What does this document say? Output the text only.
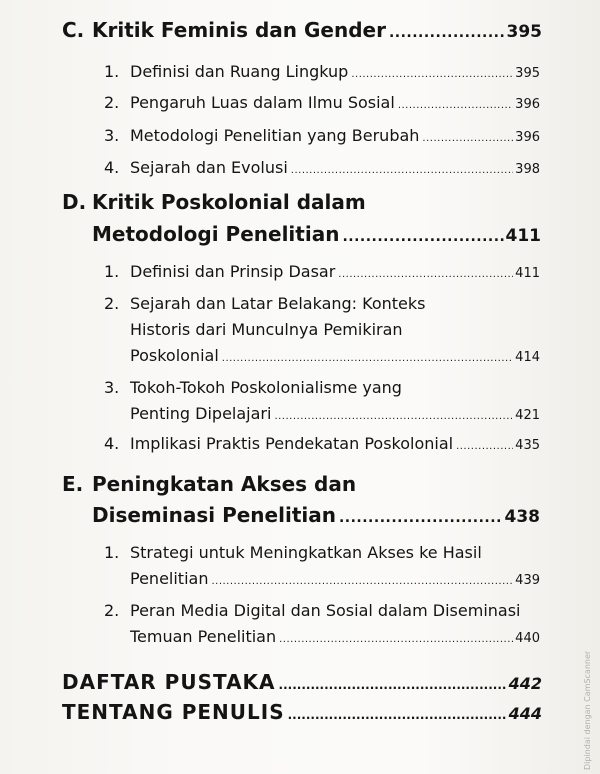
C. Kritik Feminis dan Gender .....	395
1. Definisi dan Ruang Lingkup .....	395
2. Pengaruh Luas dalam Ilmu Sosial .....	396
3. Metodologi Penelitian yang Berubah .....	396
4. Sejarah dan Evolusi .....	398
D. Kritik Poskolonial dalam
Metodologi Penelitian .....	411
1. Definisi dan Prinsip Dasar .....	411
2. Sejarah dan Latar Belakang: Konteks
Historis dari Munculnya Pemikiran
Poskolonial .....	414
3. Tokoh-Tokoh Poskolonialisme yang
Penting Dipelajari .....	421
4. Implikasi Praktis Pendekatan Poskolonial .....	435
E. Peningkatan Akses dan
Diseminasi Penelitian .....	438
1. Strategi untuk Meningkatkan Akses ke Hasil
Penelitian .....	439
2. Peran Media Digital dan Sosial dalam Diseminasi
Temuan Penelitian .....	440
DAFTAR PUSTAKA .....	442
TENTANG PENULIS .....	444	Dipindai dengan CamScanner
